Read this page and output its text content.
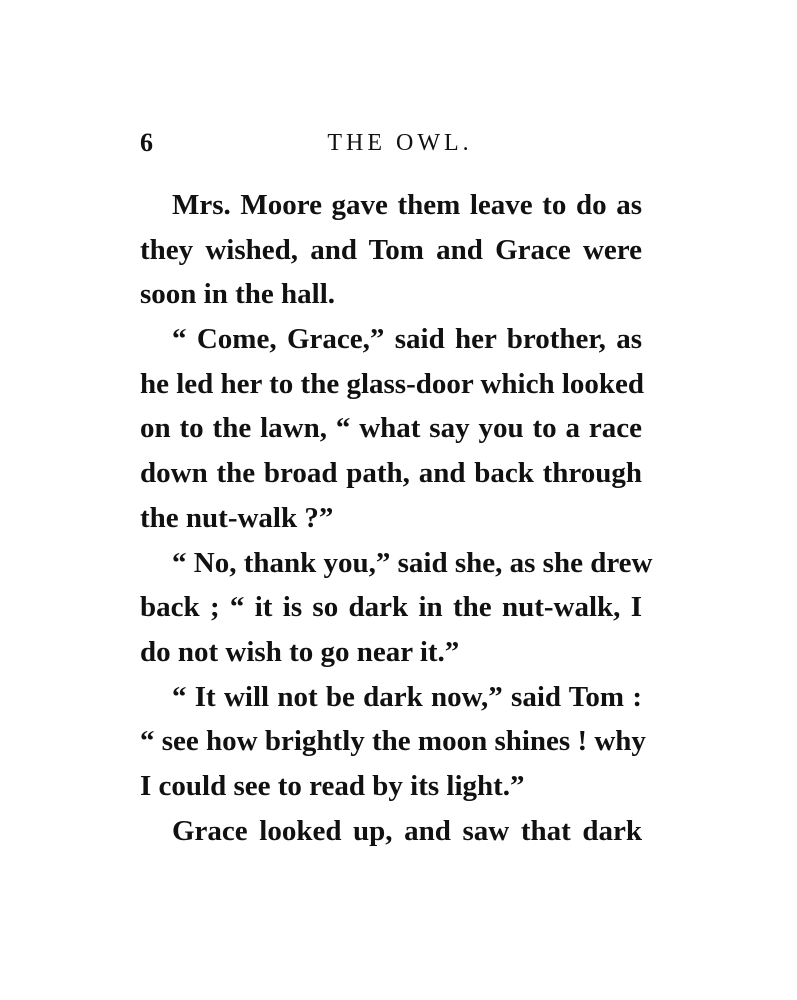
6	THE OWL.
Mrs. Moore gave them leave to do as
they wished, and Tom and Grace were
soon in the hall.
“ Come, Grace,” said her brother, as
he led her to the glass-door which looked
on to the lawn, “ what say you to a race
down the broad path, and back through
the nut-walk ?”
“ No, thank you,” said she, as she drew
back ; “ it is so dark in the nut-walk, I
do not wish to go near it.”
“ It will not be dark now,” said Tom :
“ see how brightly the moon shines ! why
I could see to read by its light.”
Grace looked up, and saw that dark
